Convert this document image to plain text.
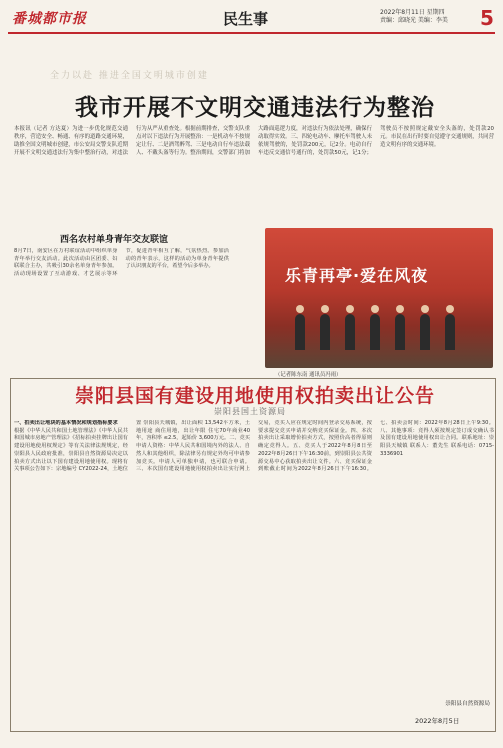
番城都市报	民生事	2022年8月11日 星期四
责编：邱晓光 美编：李美	5
全力以赴 推进全国文明城市创建
我市开展不文明交通违法行为整治
本报讯（记者 方达夏）为进一步优化规范交通秩序，营造安全、畅通、有序的道路交通环境，助推全国文明城市创建，市公安局交警支队近期开展不文明交通违法行为集中整治行动，对违法行为从严从重查处。根据前期排查，交警支队重点对以下违法行为开展整治：一是机动车不按规定让行、二是酒驾醉驾、三是电动自行车违法载人、不戴头盔等行为。整治期间，交警部门将加大路面巡逻力度，对违法行为依法处理，确保行动取得实效。三、四轮电动车、摩托车驾驶人未依规驾驶的，处罚款200元，记2分。电动自行车违反交通信号通行的，处罚款50元，记1分；驾驶员不按照规定戴安全头盔的，处罚款20元。市民在出行时要自觉遵守交通规则，共同营造文明有序的交通环境。
西名农村单身青年交友联谊
8月7日，南安区在万村联谊活动中组织单身青年举行交友活动。此次活动由区团委、妇联联合主办，共吸引30余名单身青年参加。活动现场设置了互动游戏、才艺展示等环节，促进青年相互了解，气氛热烈。参加活动的青年表示，这样的活动为单身青年提供了认识朋友的平台，希望今后多举办。	乐青再亭·爱在风夜
（记者陈东南 通讯员冯雨）
崇阳县国有建设用地使用权拍卖出让公告
崇阳县国土资源局
一、拍卖出让地块的基本情况和规划指标要求
根据《中华人民共和国土地管理法》《中华人民共和国城市房地产管理法》《招标拍卖挂牌出让国有建设用地使用权规定》等有关法律法规规定，经崇阳县人民政府批准，崇阳县自然资源局决定以拍卖方式出让以下国有建设用地使用权。现将有关事项公告如下：宗地编号 CY2022-24，土地位置 崇阳县天城镇，出让面积 13,542平方米，土地用途 商住用地，出让年限 住宅70年商业40年，容积率 ≤2.5，起始价 3,600万元。二、竞买申请人资格：中华人民共和国境内外的法人、自然人和其他组织，除法律另有规定外均可申请参加竞买。申请人可单独申请，也可联合申请。三、本次国有建设用地使用权拍卖出让实行网上交易，竞买人应在规定时间内登录交易系统，按要求提交竞买申请并交纳竞买保证金。四、本次拍卖出让采取增价拍卖方式，按照价高者得原则确定竞得人。五、竞买人于2022年8月8日至2022年8月26日下午16:30前，到崇阳县公共资源交易中心获取拍卖出让文件。六、竞买保证金到账截止时间为2022年8月26日下午16:30。七、拍卖会时间：2022年8月28日上午9:30。八、其他事项：竞得人须按规定签订成交确认书及国有建设用地使用权出让合同。联系地址：崇阳县天城镇 联系人：董先生 联系电话：0715-3336901
崇阳县自然资源局
2022年8月5日
